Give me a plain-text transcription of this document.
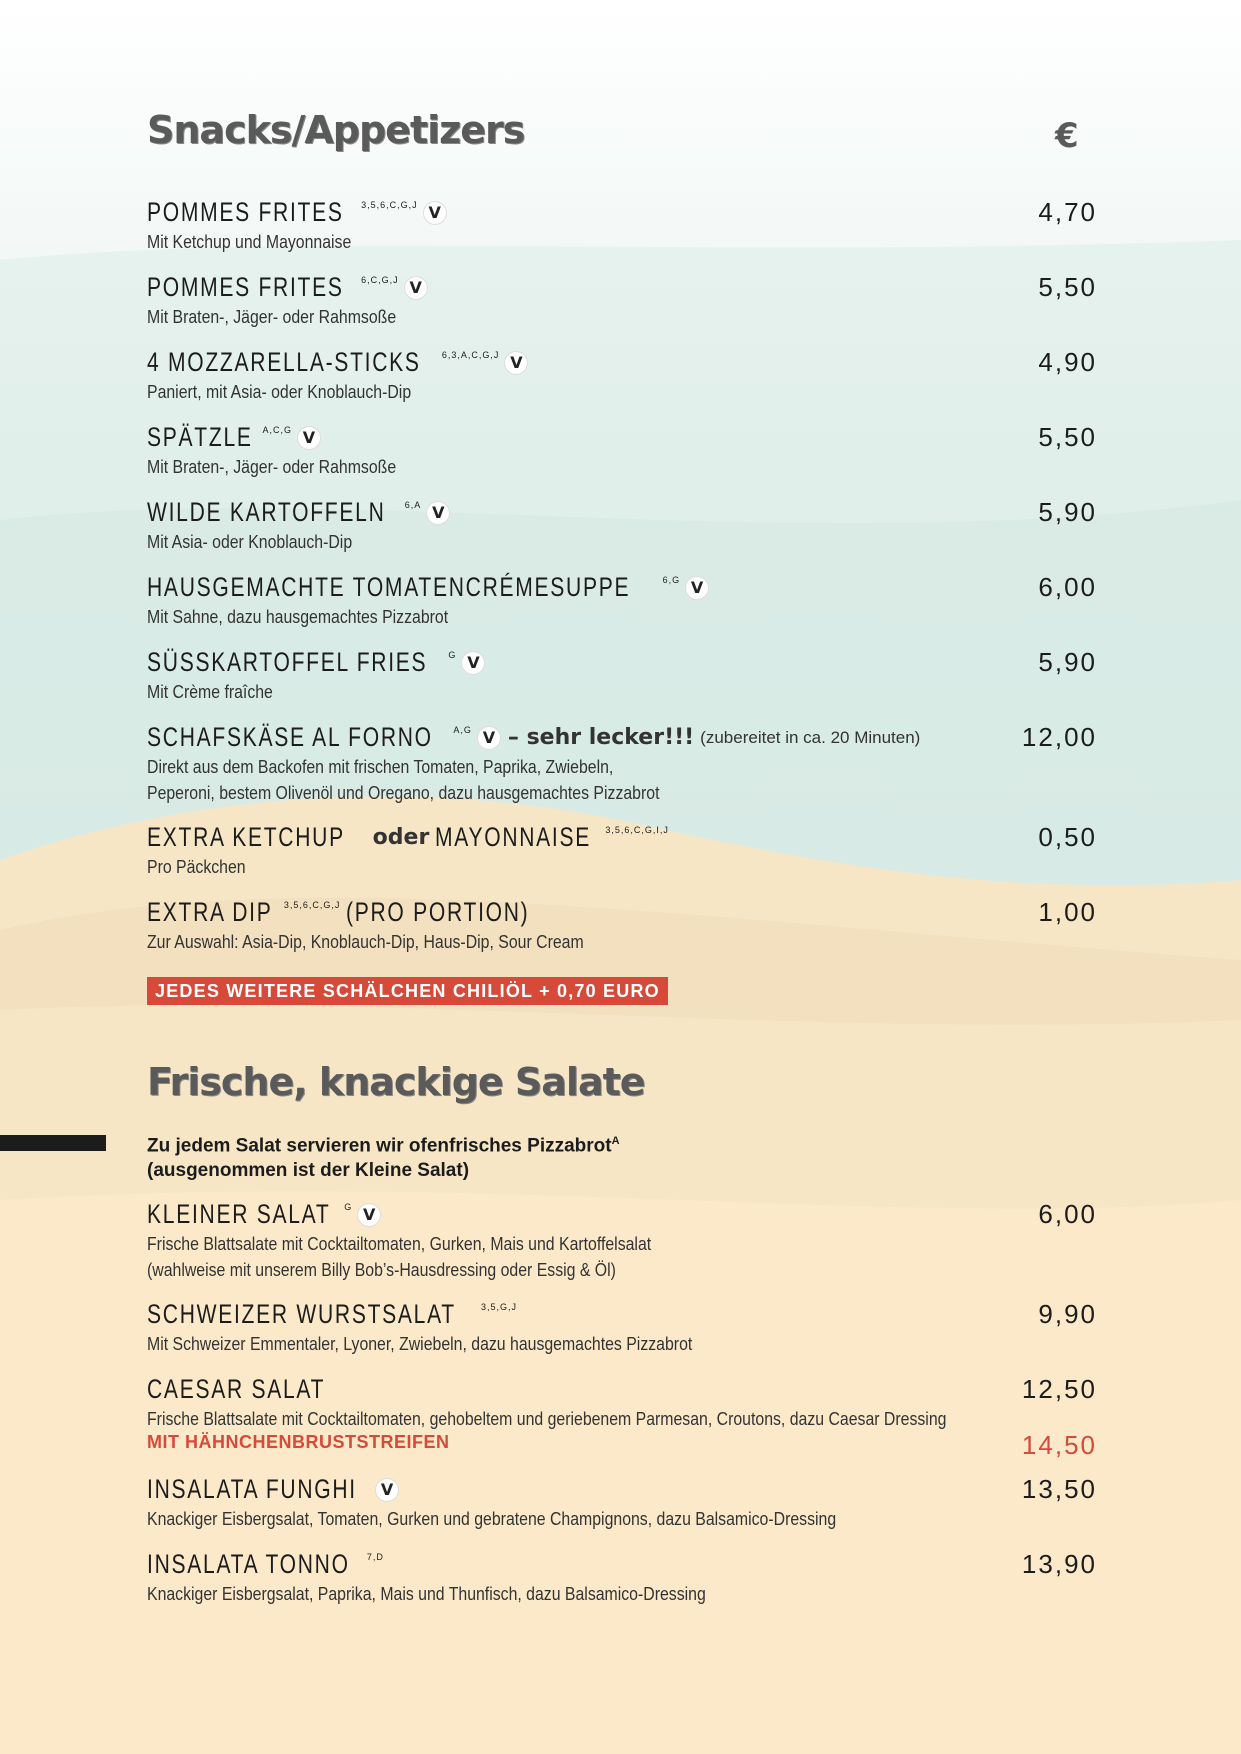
Snacks/Appetizers	€
POMMES FRITES 3,5,6,C,G,J V	4,70
Mit Ketchup und Mayonnaise
POMMES FRITES 6,C,G,J V	5,50
Mit Braten-, Jäger- oder Rahmsoße
4 MOZZARELLA-STICKS 6,3,A,C,G,J V	4,90
Paniert, mit Asia- oder Knoblauch-Dip
SPÄTZLE A,C,G V	5,50
Mit Braten-, Jäger- oder Rahmsoße
WILDE KARTOFFELN 6,A V	5,90
Mit Asia- oder Knoblauch-Dip
HAUSGEMACHTE TOMATENCRÉMESUPPE	6,G V	6,00
Mit Sahne, dazu hausgemachtes Pizzabrot
SÜSSKARTOFFEL FRIES G V	5,90
Mit Crème fraîche
SCHAFSKÄSE AL FORNO A,G V – sehr lecker!!! (zubereitet in ca. 20 Minuten)	12,00
Direkt aus dem Backofen mit frischen Tomaten, Paprika, Zwiebeln,
Peperoni, bestem Olivenöl und Oregano, dazu hausgemachtes Pizzabrot
EXTRA KETCHUP oder MAYONNAISE 3,5,6,C,G,I,J	0,50
Pro Päckchen
EXTRA DIP 3,5,6,C,G,J (PRO PORTION)	1,00
Zur Auswahl: Asia-Dip, Knoblauch-Dip, Haus-Dip, Sour Cream
JEDES WEITERE SCHÄLCHEN CHILIÖL + 0,70 EURO
Frische, knackige Salate
Zu jedem Salat servieren wir ofenfrisches Pizzabrot$^A$
(ausgenommen ist der Kleine Salat)
KLEINER SALAT G V	6,00
Frische Blattsalate mit Cocktailtomaten, Gurken, Mais und Kartoffelsalat
(wahlweise mit unserem Billy Bob’s-Hausdressing oder Essig & Öl)
SCHWEIZER WURSTSALAT	3,5,G,J	9,90
Mit Schweizer Emmentaler, Lyoner, Zwiebeln, dazu hausgemachtes Pizzabrot
CAESAR SALAT	12,50
Frische Blattsalate mit Cocktailtomaten, gehobeltem und geriebenem Parmesan, Croutons, dazu Caesar Dressing
MIT HÄHNCHENBRUSTSTREIFEN	14,50
INSALATA FUNGHI V	13,50
Knackiger Eisbergsalat, Tomaten, Gurken und gebratene Champignons, dazu Balsamico-Dressing
INSALATA TONNO 7,D	13,90
Knackiger Eisbergsalat, Paprika, Mais und Thunfisch, dazu Balsamico-Dressing
